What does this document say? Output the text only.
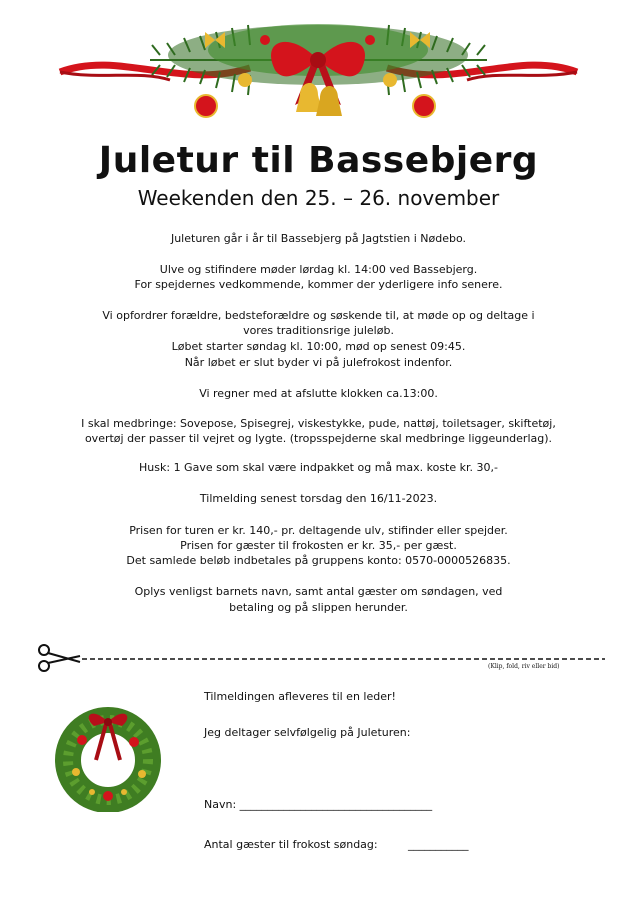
Juletur til Bassebjerg
Weekenden den 25. – 26. november
Juleturen går i år til Bassebjerg på Jagtstien i Nødebo.
Ulve og stifindere møder lørdag kl. 14:00 ved Bassebjerg.
For spejdernes vedkommende, kommer der yderligere info senere.
Vi opfordrer forældre, bedsteforældre og søskende til, at møde op og deltage i
vores traditionsrige juleløb.
Løbet starter søndag kl. 10:00, mød op senest 09:45.
Når løbet er slut byder vi på julefrokost indenfor.
Vi regner med at afslutte klokken ca.13:00.
I skal medbringe: Sovepose, Spisegrej, viskestykke, pude, nattøj, toiletsager, skiftetøj,
overtøj der passer til vejret og lygte. (tropsspejderne skal medbringe liggeunderlag).
Husk: 1 Gave som skal være indpakket og må max. koste kr. 30,-
Tilmelding senest torsdag den 16/11-2023.
Prisen for turen er kr. 140,- pr. deltagende ulv, stifinder eller spejder.
Prisen for gæster til frokosten er kr. 35,- per gæst.
Det samlede beløb indbetales på gruppens konto: 0570-0000526835.
Oplys venligst barnets navn, samt antal gæster om søndagen, ved
betaling og på slippen herunder.
(Klip, fold, riv eller bid)
Tilmeldingen afleveres til en leder!
Jeg deltager selvfølgelig på Juleturen:
Navn: ___________________________________
Antal gæster til frokost søndag:	___________
